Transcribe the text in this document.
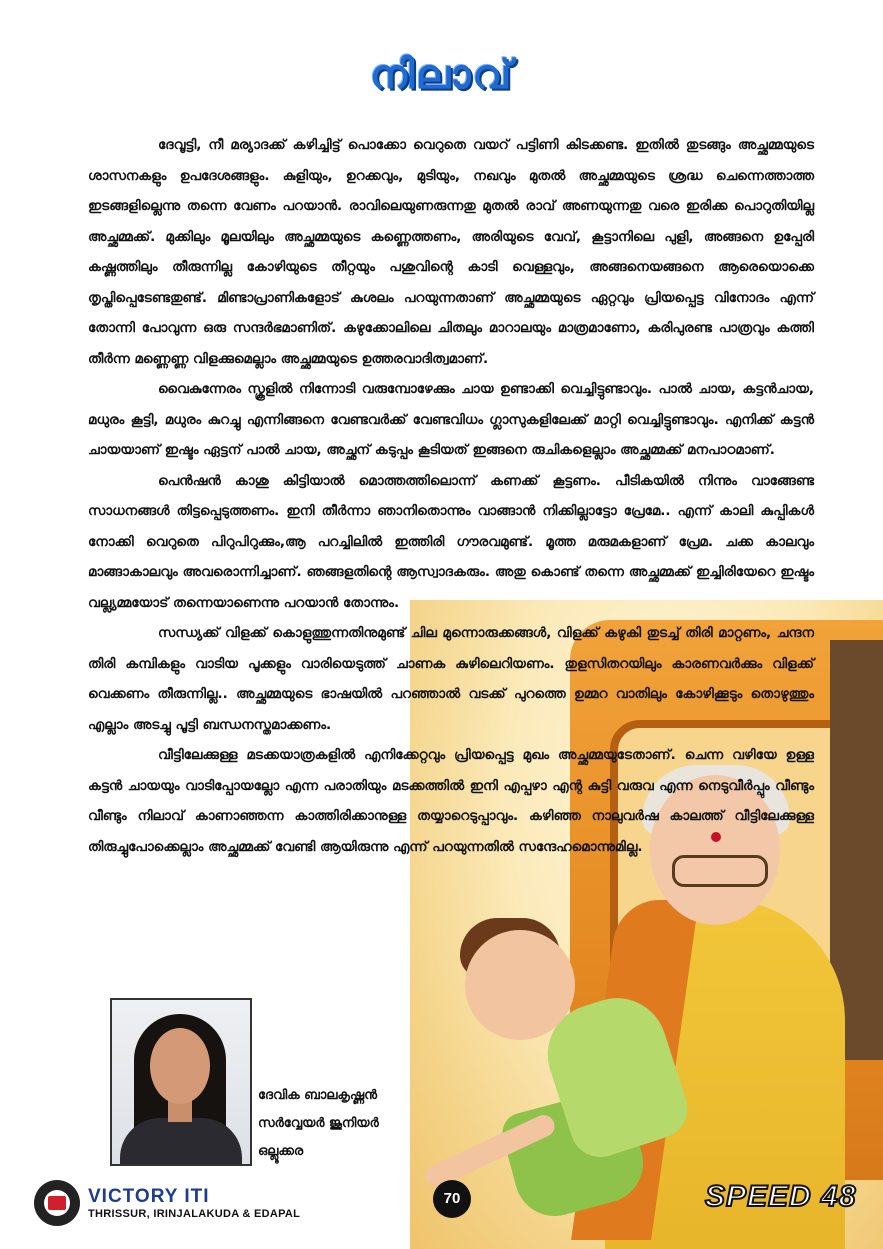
നിലാവ്

ദേവൂട്ടി, നീ മര്യാദക്ക് കഴിച്ചിട്ട് പൊക്കോ വെറുതെ വയറ് പട്ടിണി കിടക്കണ്ട. ഇതിൽ തുടങ്ങും അച്ഛമ്മയുടെ ശാസനകളും ഉപദേശങ്ങളും. കുളിയും, ഉറക്കവും, മുടിയും, നഖവും മുതൽ അച്ഛമ്മയുടെ ശ്രദ്ധ ചെന്നെത്താത്ത ഇടങ്ങളില്ലെന്നു തന്നെ വേണം പറയാൻ. രാവിലെയുണരുന്നതു മുതൽ രാവ് അണയുന്നതു വരെ ഇരിക്ക പൊറുതിയില്ല അച്ഛമ്മക്ക്. മുക്കിലും മൂലയിലും അച്ഛമ്മയുടെ കണ്ണെത്തണം, അരിയുടെ വേവ്, കൂട്ടാനിലെ പുളി, അങ്ങനെ ഉപ്പേരി കഷ്ണത്തിലും തീരുന്നില്ല കോഴിയുടെ തീറ്റയും പശുവിന്റെ കാടി വെള്ളവും, അങ്ങനെയങ്ങനെ ആരെയൊക്കെ തൃപ്തിപ്പെടേണ്ടതുണ്ട്. മിണ്ടാപ്രാണികളോട് കുശലം പറയുന്നതാണ് അച്ഛമ്മയുടെ ഏറ്റവും പ്രിയപ്പെട്ട വിനോദം എന്ന് തോന്നി പോവുന്ന ഒരു സന്ദർഭമാണിത്. കഴുക്കോലിലെ ചിതലും മാറാലയും മാത്രമാണോ, കരിപുരണ്ട പാത്രവും കത്തി തീർന്ന മണ്ണെണ്ണ വിളക്കുമെല്ലാം അച്ഛമ്മയുടെ ഉത്തരവാദിത്വമാണ്.

വൈകുന്നേരം സ്കൂളിൽ നിന്നോടി വരുമ്പോഴേക്കും ചായ ഉണ്ടാക്കി വെച്ചിട്ടുണ്ടാവും. പാൽ ചായ, കട്ടൻചായ, മധുരം കൂട്ടി, മധുരം കുറച്ചു എന്നിങ്ങനെ വേണ്ടവർക്ക് വേണ്ടവിധം ഗ്ലാസുകളിലേക്ക് മാറ്റി വെച്ചിട്ടുണ്ടാവും. എനിക്ക് കട്ടൻ ചായയാണ് ഇഷ്ടം ഏട്ടന് പാൽ ചായ, അച്ഛന് കടുപ്പം കൂടിയത് ഇങ്ങനെ രുചികളെല്ലാം അച്ഛമ്മക്ക് മനപാഠമാണ്.

പെൻഷൻ കാശു കിട്ടിയാൽ മൊത്തത്തിലൊന്ന് കണക്ക് കൂട്ടണം. പീടികയിൽ നിന്നും വാങ്ങേണ്ട സാധനങ്ങൾ തിട്ടപ്പെടുത്തണം. ഇനി തീർന്നാ ഞാനിതൊന്നും വാങ്ങാൻ നിക്കില്ലാട്ടോ പ്രേമേ.. എന്ന് കാലി കുപ്പികൾ നോക്കി വെറുതെ പിറുപിറുക്കും,ആ പറച്ചിലിൽ ഇത്തിരി ഗൗരവമുണ്ട്. മൂത്ത മരുമകളാണ് പ്രേമ. ചക്ക കാലവും മാങ്ങാകാലവും അവരൊന്നിച്ചാണ്. ഞങ്ങളതിന്റെ ആസ്വാദകരും. അതു കൊണ്ട് തന്നെ അച്ഛമ്മക്ക് ഇച്ചിരിയേറെ ഇഷ്ടം വല്ല്യമ്മയോട് തന്നെയാണെന്നു പറയാൻ തോന്നും.

സന്ധ്യക്ക് വിളക്ക് കൊളുത്തുന്നതിനുമുണ്ട് ചില മുന്നൊരുക്കങ്ങൾ, വിളക്ക് കഴുകി തുടച്ച് തിരി മാറ്റണം, ചന്ദന തിരി കമ്പികളും വാടിയ പൂക്കളും വാരിയെടുത്ത് ചാണക കുഴിലെറിയണം. തുളസിതറയിലും കാരണവർക്കും വിളക്ക് വെക്കണം തീരുന്നില്ല.. അച്ഛമ്മയുടെ ഭാഷയിൽ പറഞ്ഞാൽ വടക്ക് പുറത്തെ ഉമ്മറ വാതിലും കോഴിക്കൂടും തൊഴുത്തും എല്ലാം അടച്ചു പൂട്ടി ബന്ധനസ്തമാക്കണം.

വീട്ടിലേക്കുള്ള മടക്കയാത്രകളിൽ എനിക്കേറ്റവും പ്രിയപ്പെട്ട മുഖം അച്ഛമ്മയുടേതാണ്. ചെന്ന വഴിയേ ഉള്ള കട്ടൻ ചായയും വാടിപ്പോയല്ലോ എന്ന പരാതിയും മടക്കത്തിൽ ഇനി എപ്പഴാ എന്റ കുട്ടി വരുവ എന്ന നെടുവീർപ്പും വീണ്ടും വീണ്ടും നിലാവ് കാണാഞ്ഞന്ന കാത്തിരിക്കാനുള്ള തയ്യാറെടുപ്പാവും. കഴിഞ്ഞ നാലുവർഷ കാലത്ത് വീട്ടിലേക്കുള്ള തിരുച്ചുപോക്കെല്ലാം അച്ഛമ്മക്ക് വേണ്ടി ആയിരുന്നു എന്ന് പറയുന്നതിൽ സന്ദേഹമൊന്നുമില്ല.

ദേവിക ബാലകൃഷ്ണൻ
സർവ്വേയർ ജൂനിയർ
ഒല്ലൂക്കര
VICTORY ITI
THRISSUR, IRINJALAKUDA & EDAPAL
70	SPEED 48
